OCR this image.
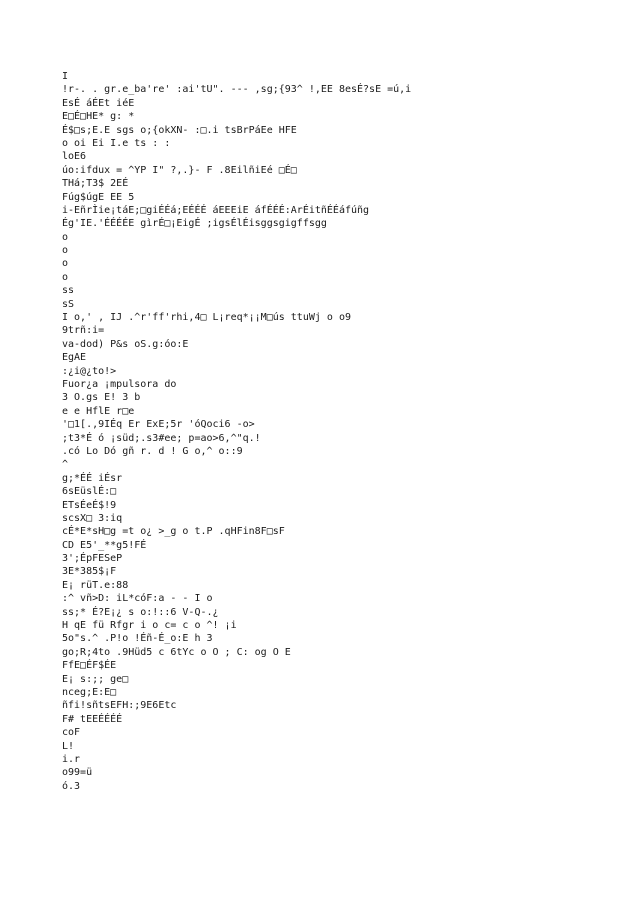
I
!r-. . gr.e_ba're' :ai'tU". --- ,sg;{93^ !,EE 8esÉ?sE =ú,i
EsÉ áÉEt iéE
E□É□HE* g: *
É$□s;E.E sgs o;{okXN- :□.i tsBrPáEe HFE
o oi Ei I.e ts : :
loE6
úo:ifdux = ^YP I" ?,.}- F .8EilñiEé □É□
THá;T3$ 2EÉ
Fúg$úgE EE 5
i-EñrÌie¡táE;□giÉÉá;EÉÉÉ áEEEiE áfÉÉÉ:ArÉitñÉÉáfúñg
Ég'IE.'ÉÉÉÉE gìrÉ□¡EigÉ ;igsÉlÉisggsgigffsgg
o
o
o
o
ss
sS
I o,' , IJ .^r'ff'rhi,4□ L¡req*¡¡M□ús ttuWj o o9
9trñ:i=
va-dod) P&s oS.g:óo:E
EgAE
:¿i@¿to!>
Fuor¿a ¡mpulsora do
3 O.gs E! 3 b
e e HflE r□e
'□1[.,9IÉq Er ExE;5r 'óQoci6 -o>
;t3*É ó ¡süd;.s3#ee; p=ao>6,^"q.!
.có Lo Dó gñ r. d ! G o,^ o::9
^
g;*ÉÉ iÉsr
6sEüslÉ:□
ETsÉeÉ$!9
scsX□ 3:iq
cÉ*E*sH□g =t o¿ >_g o t.P .qHFin8F□sF
CD E5'_**g5!FÉ
3';ÉpFESeP
3E*385$¡F
E¡ rüT.e:88
:^ vñ>D: iL*cóF:a - - I o
ss;* É?E¡¿ s o:!::6 V-Q-.¿
H qE fü Rfgr i o c= c o ^! ¡i
5o"s.^ .P!o !Éñ-É_o:E h 3
go;R;4to .9Hüd5 c 6tYc o O ; C: og O E
FfE□ÉF$ÉE
E¡ s:;; ge□
nceg;E:E□
ñfi!sñtsEFH:;9E6Etc
F# tEEÉÉÉÉ
coF
L!
i.r
o99=ü
ó.3
